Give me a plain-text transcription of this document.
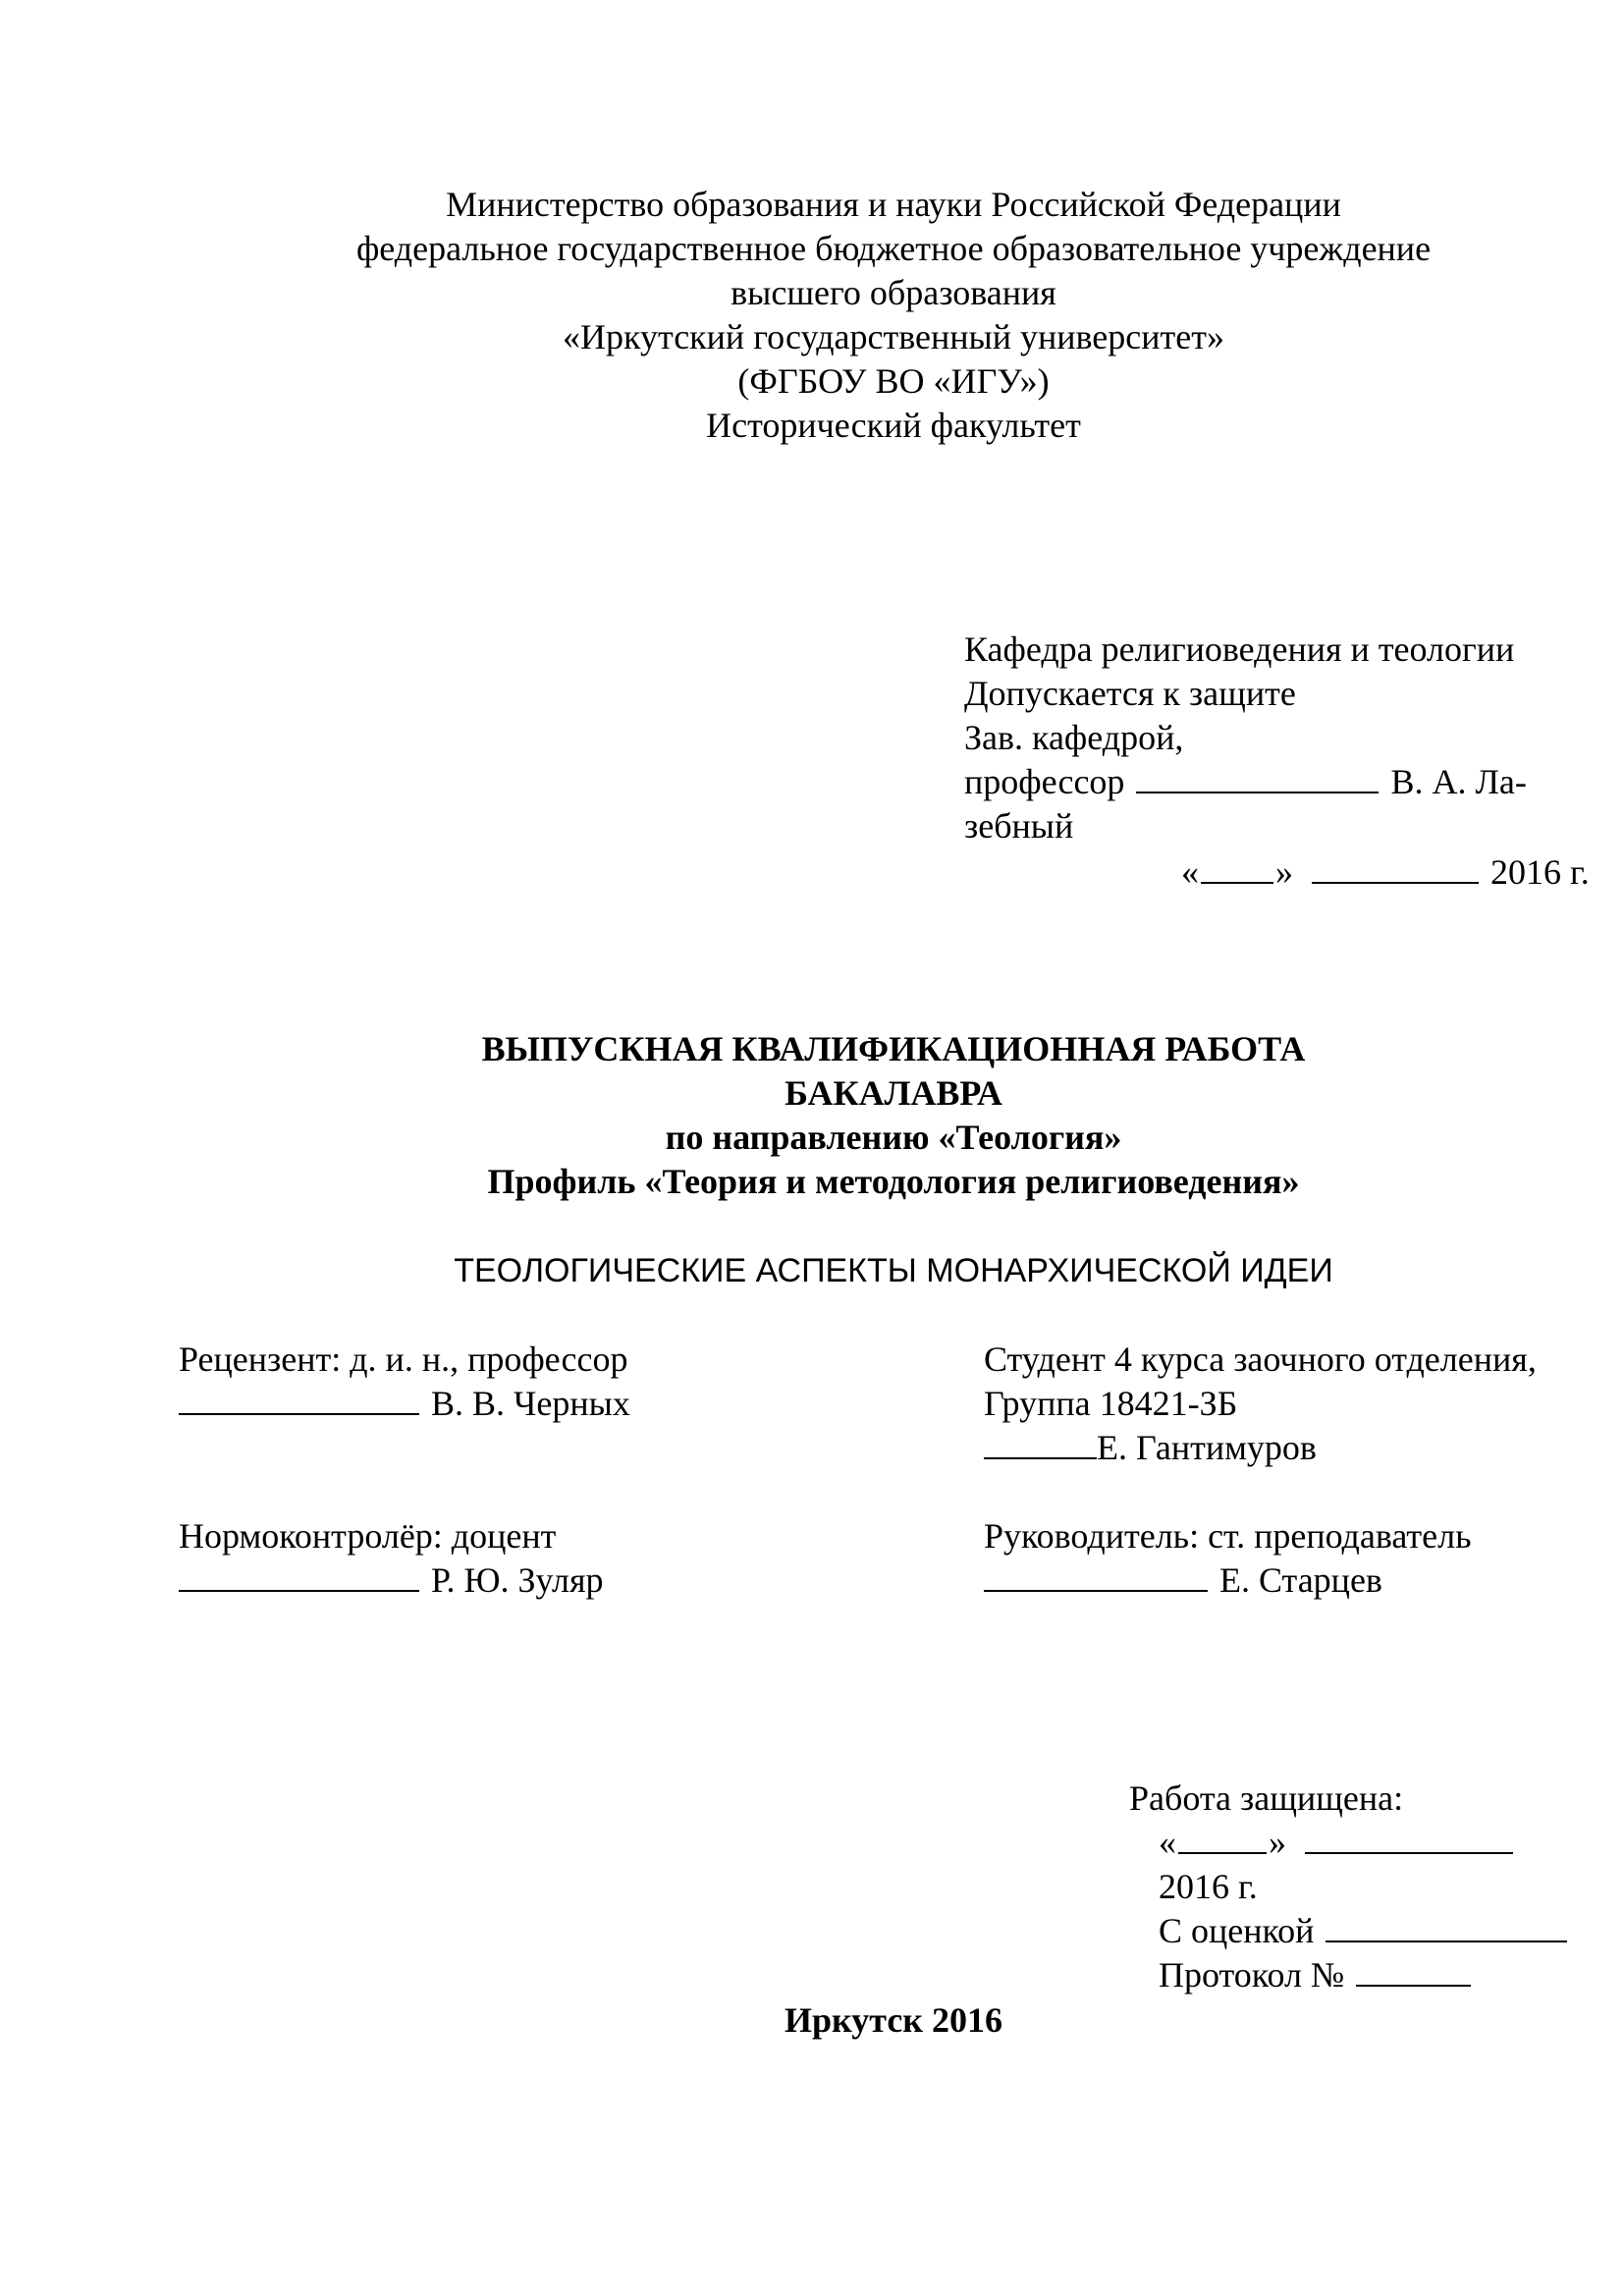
Министерство образования и науки Российской Федерации
федеральное государственное бюджетное образовательное учреждение
высшего образования
«Иркутский государственный университет»
(ФГБОУ ВО «ИГУ»)
Исторический факультет
Кафедра религиоведения и теологии
Допускается к защите
Зав. кафедрой,
профессор	В. А. Ла-
зебный
« »	2016 г.
ВЫПУСКНАЯ КВАЛИФИКАЦИОННАЯ РАБОТА
БАКАЛАВРА
по направлению «Теология»
Профиль «Теория и методология религиоведения»
ТЕОЛОГИЧЕСКИЕ АСПЕКТЫ МОНАРХИЧЕСКОЙ ИДЕИ
Рецензент: д. и. н., профессор
В. В. Черных
Студент 4 курса заочного отделения,
Группа 18421-ЗБ
Е. Гантимуров
Нормоконтролёр: доцент
Р. Ю. Зуляр
Руководитель: ст. преподаватель
Е. Старцев
Работа защищена:
«	»
2016 г.
С оценкой
Протокол №
Иркутск 2016
